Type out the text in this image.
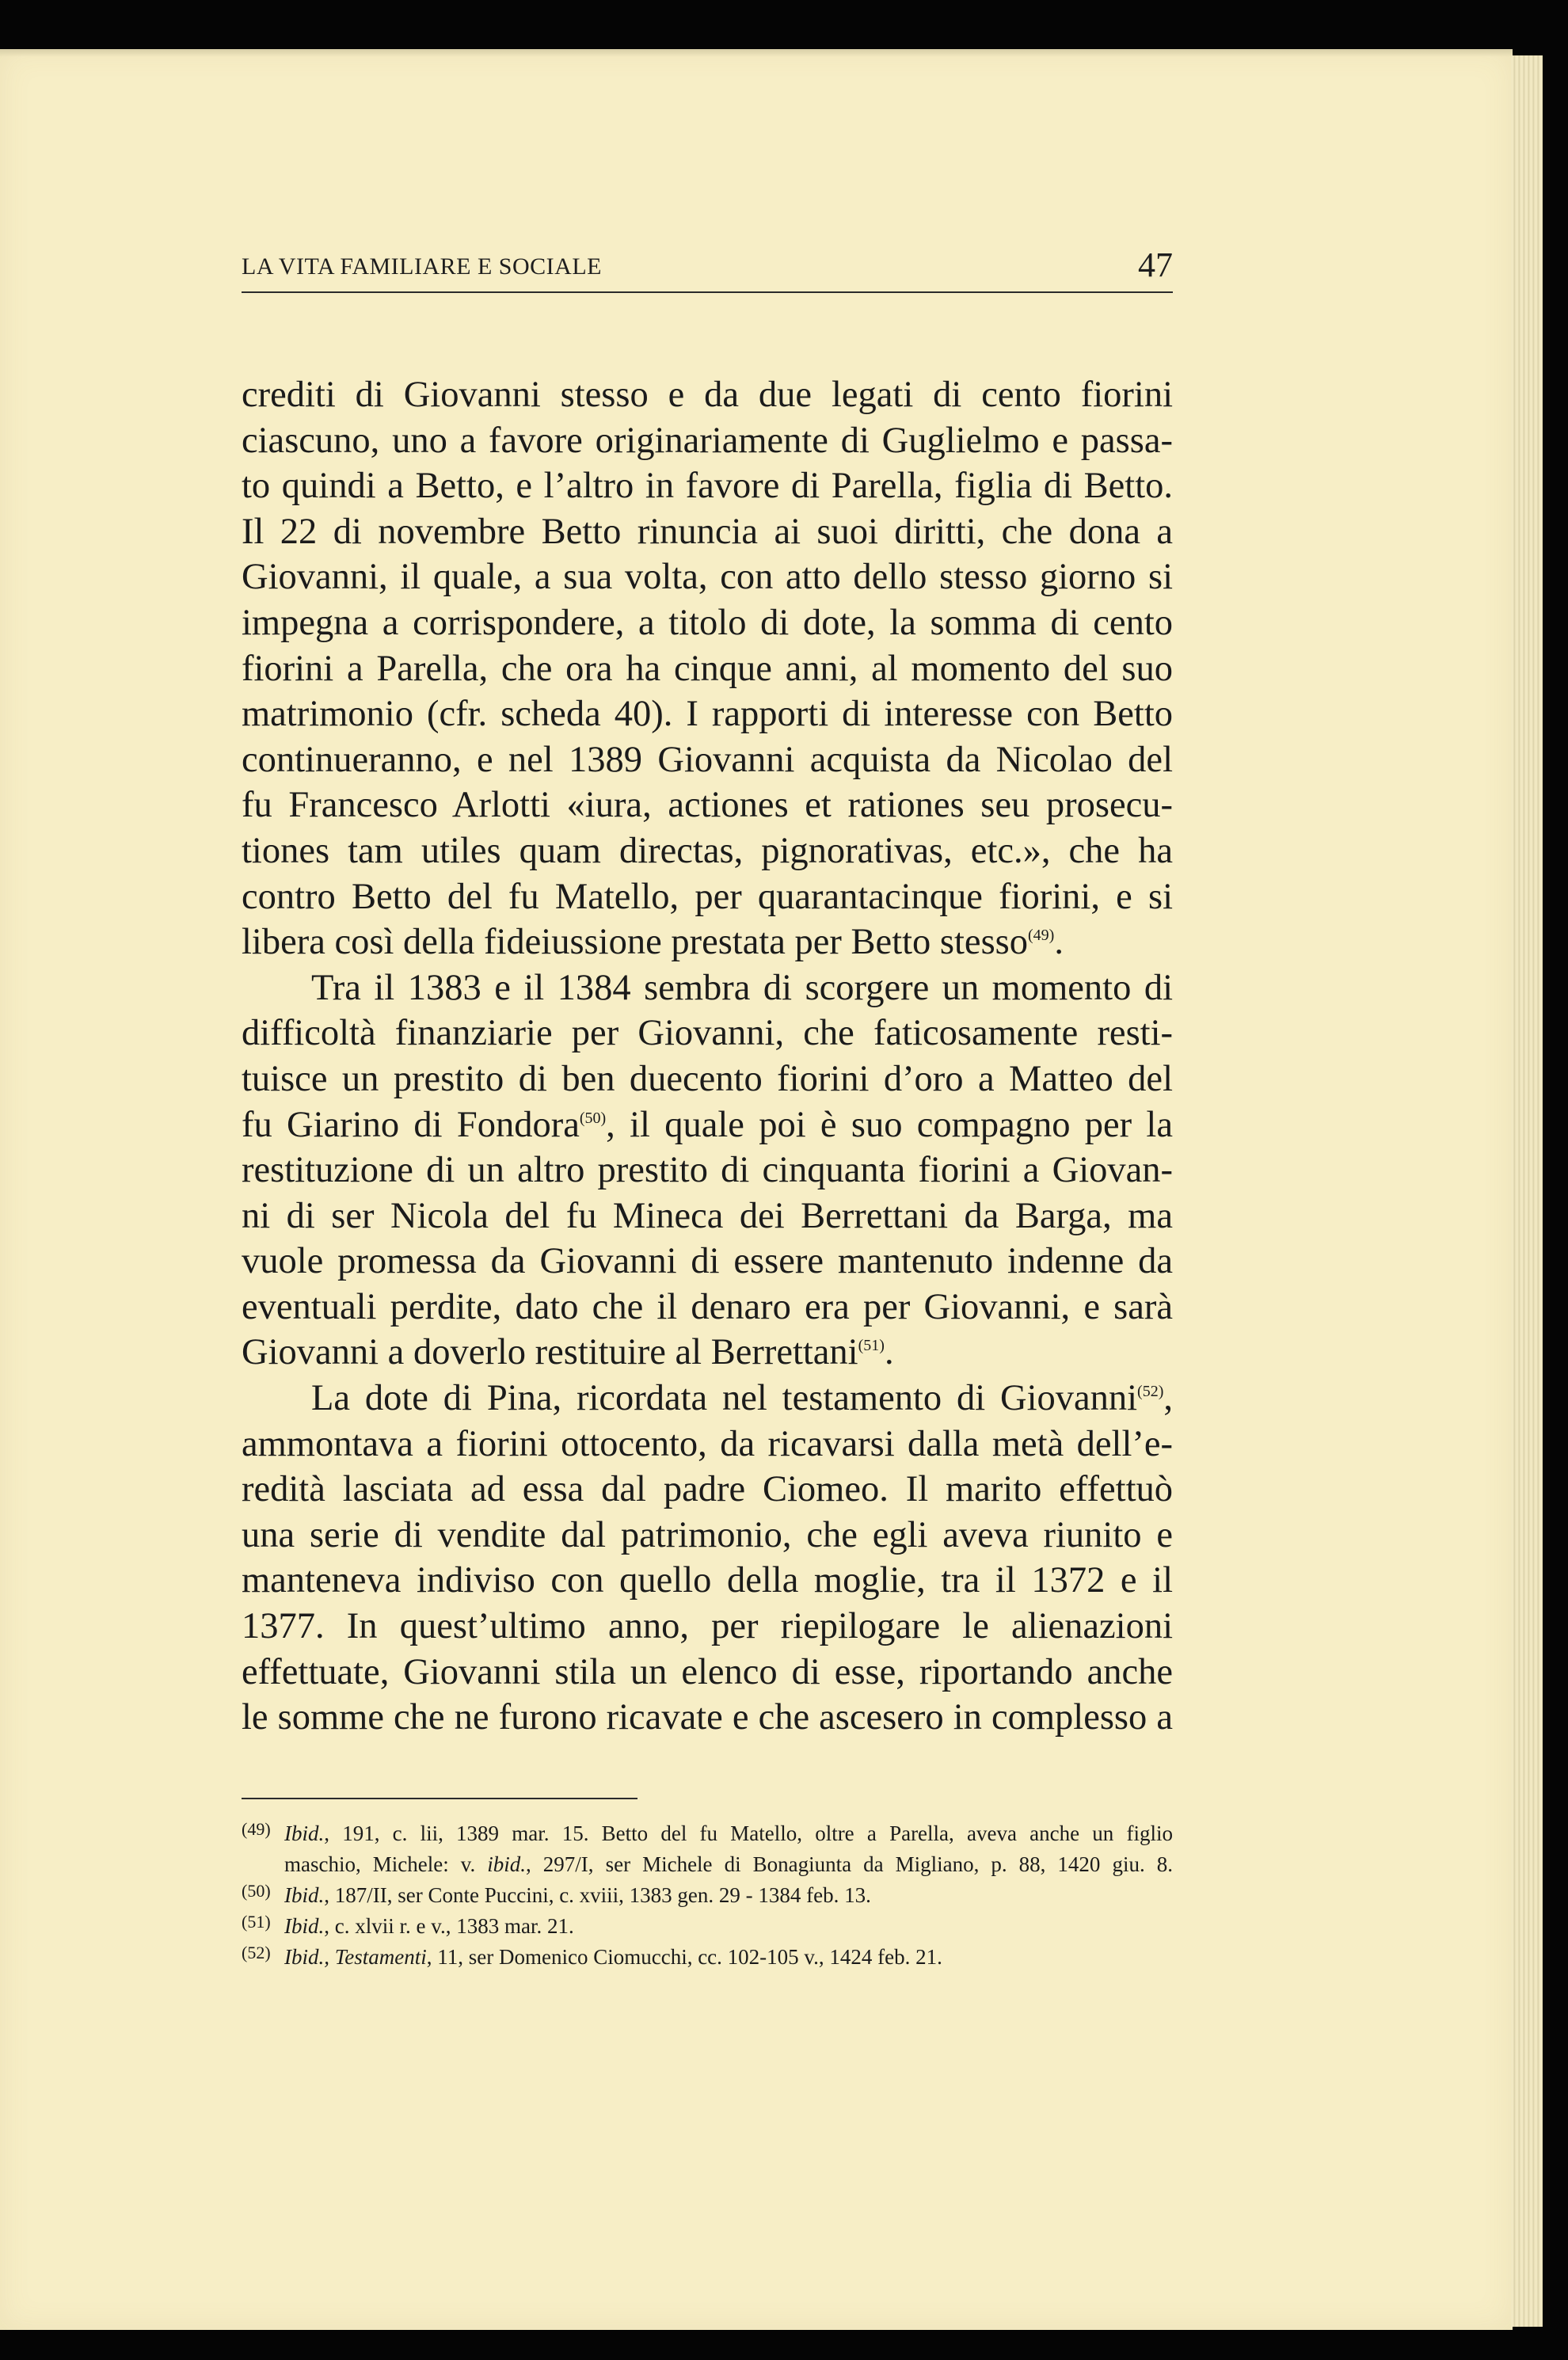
LA VITA FAMILIARE E SOCIALE	47
crediti di Giovanni stesso e da due legati di cento fiorini
ciascuno, uno a favore originariamente di Guglielmo e passa-
to quindi a Betto, e l’altro in favore di Parella, figlia di Betto.
Il 22 di novembre Betto rinuncia ai suoi diritti, che dona a
Giovanni, il quale, a sua volta, con atto dello stesso giorno si
impegna a corrispondere, a titolo di dote, la somma di cento
fiorini a Parella, che ora ha cinque anni, al momento del suo
matrimonio (cfr. scheda 40). I rapporti di interesse con Betto
continueranno, e nel 1389 Giovanni acquista da Nicolao del
fu Francesco Arlotti «iura, actiones et rationes seu prosecu-
tiones tam utiles quam directas, pignorativas, etc.», che ha
contro Betto del fu Matello, per quarantacinque fiorini, e si
libera così della fideiussione prestata per Betto stesso$^{(49)}$.
Tra il 1383 e il 1384 sembra di scorgere un momento di
difficoltà finanziarie per Giovanni, che faticosamente resti-
tuisce un prestito di ben duecento fiorini d’oro a Matteo del
fu Giarino di Fondora$^{(50)}$, il quale poi è suo compagno per la
restituzione di un altro prestito di cinquanta fiorini a Giovan-
ni di ser Nicola del fu Mineca dei Berrettani da Barga, ma
vuole promessa da Giovanni di essere mantenuto indenne da
eventuali perdite, dato che il denaro era per Giovanni, e sarà
Giovanni a doverlo restituire al Berrettani$^{(51)}$.
La dote di Pina, ricordata nel testamento di Giovanni$^{(52)}$,
ammontava a fiorini ottocento, da ricavarsi dalla metà dell’e-
redità lasciata ad essa dal padre Ciomeo. Il marito effettuò
una serie di vendite dal patrimonio, che egli aveva riunito e
manteneva indiviso con quello della moglie, tra il 1372 e il
1377. In quest’ultimo anno, per riepilogare le alienazioni
effettuate, Giovanni stila un elenco di esse, riportando anche
le somme che ne furono ricavate e che ascesero in complesso a
(49) Ibid., 191, c. lii, 1389 mar. 15. Betto del fu Matello, oltre a Parella, aveva anche un figlio
maschio, Michele: v. ibid., 297/I, ser Michele di Bonagiunta da Migliano, p. 88, 1420 giu. 8.
(50) Ibid., 187/II, ser Conte Puccini, c. xviii, 1383 gen. 29 - 1384 feb. 13.
(51) Ibid., c. xlvii r. e v., 1383 mar. 21.
(52) Ibid., Testamenti, 11, ser Domenico Ciomucchi, cc. 102-105 v., 1424 feb. 21.
